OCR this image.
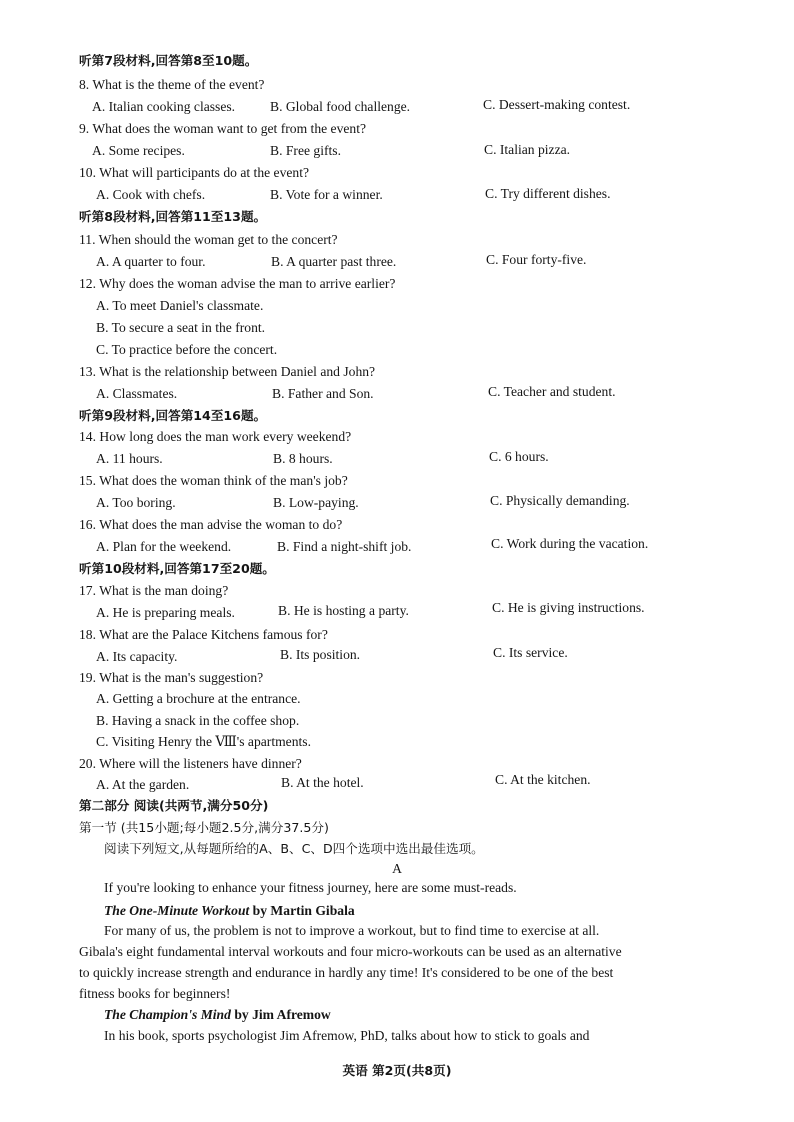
听第7段材料,回答第8至10题。
8. What is the theme of the event?
A. Italian cooking classes.	B. Global food challenge.	C. Dessert-making contest.
9. What does the woman want to get from the event?
A. Some recipes.	B. Free gifts.	C. Italian pizza.
10. What will participants do at the event?
A. Cook with chefs.	B. Vote for a winner.	C. Try different dishes.
听第8段材料,回答第11至13题。
11. When should the woman get to the concert?
A. A quarter to four.	B. A quarter past three.	C. Four forty-five.
12. Why does the woman advise the man to arrive earlier?
A. To meet Daniel's classmate.
B. To secure a seat in the front.
C. To practice before the concert.
13. What is the relationship between Daniel and John?
A. Classmates.	B. Father and Son.	C. Teacher and student.
听第9段材料,回答第14至16题。
14. How long does the man work every weekend?
A. 11 hours.	B. 8 hours.	C. 6 hours.
15. What does the woman think of the man's job?
A. Too boring.	B. Low-paying.	C. Physically demanding.
16. What does the man advise the woman to do?
A. Plan for the weekend.	B. Find a night-shift job.	C. Work during the vacation.
听第10段材料,回答第17至20题。
17. What is the man doing?
A. He is preparing meals.	B. He is hosting a party.	C. He is giving instructions.
18. What are the Palace Kitchens famous for?
A. Its capacity.	B. Its position.	C. Its service.
19. What is the man's suggestion?
A. Getting a brochure at the entrance.
B. Having a snack in the coffee shop.
C. Visiting Henry the Ⅷ's apartments.
20. Where will the listeners have dinner?
A. At the garden.	B. At the hotel.	C. At the kitchen.
第二部分 阅读(共两节,满分50分)
第一节 (共15小题;每小题2.5分,满分37.5分)
阅读下列短文,从每题所给的A、B、C、D四个选项中选出最佳选项。
A
If you're looking to enhance your fitness journey, here are some must-reads.
The One-Minute Workout by Martin Gibala
For many of us, the problem is not to improve a workout, but to find time to exercise at all.
Gibala's eight fundamental interval workouts and four micro-workouts can be used as an alternative
to quickly increase strength and endurance in hardly any time! It's considered to be one of the best
fitness books for beginners!
The Champion's Mind by Jim Afremow
In his book, sports psychologist Jim Afremow, PhD, talks about how to stick to goals and
英语 第2页(共8页)
